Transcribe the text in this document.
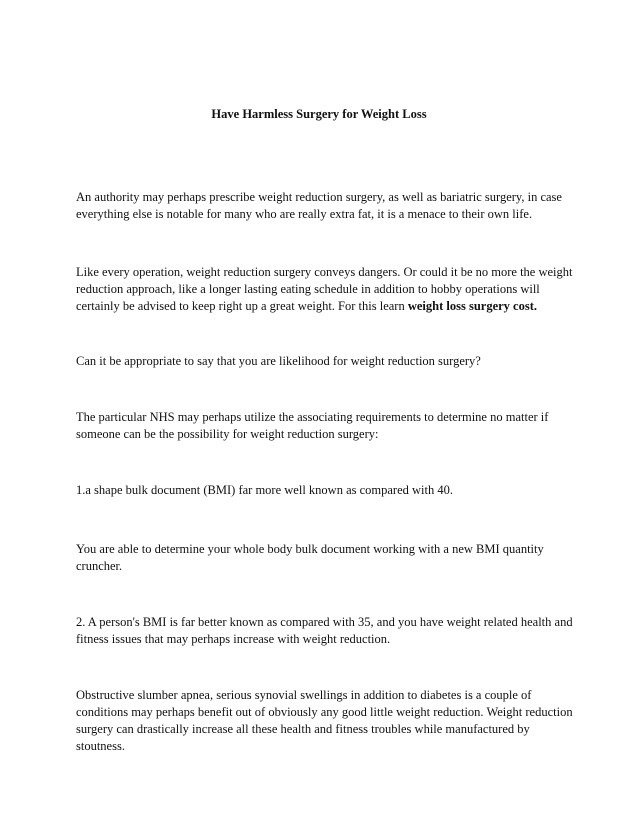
Have Harmless Surgery for Weight Loss

An authority may perhaps prescribe weight reduction surgery, as well as bariatric surgery, in case everything else is notable for many who are really extra fat, it is a menace to their own life.

Like every operation, weight reduction surgery conveys dangers. Or could it be no more the weight reduction approach, like a longer lasting eating schedule in addition to hobby operations will certainly be advised to keep right up a great weight. For this learn weight loss surgery cost.

Can it be appropriate to say that you are likelihood for weight reduction surgery?

The particular NHS may perhaps utilize the associating requirements to determine no matter if someone can be the possibility for weight reduction surgery:

1.a shape bulk document (BMI) far more well known as compared with 40.

You are able to determine your whole body bulk document working with a new BMI quantity cruncher.

2. A person's BMI is far better known as compared with 35, and you have weight related health and fitness issues that may perhaps increase with weight reduction.

Obstructive slumber apnea, serious synovial swellings in addition to diabetes is a couple of conditions may perhaps benefit out of obviously any good little weight reduction. Weight reduction surgery can drastically increase all these health and fitness troubles while manufactured by stoutness.
